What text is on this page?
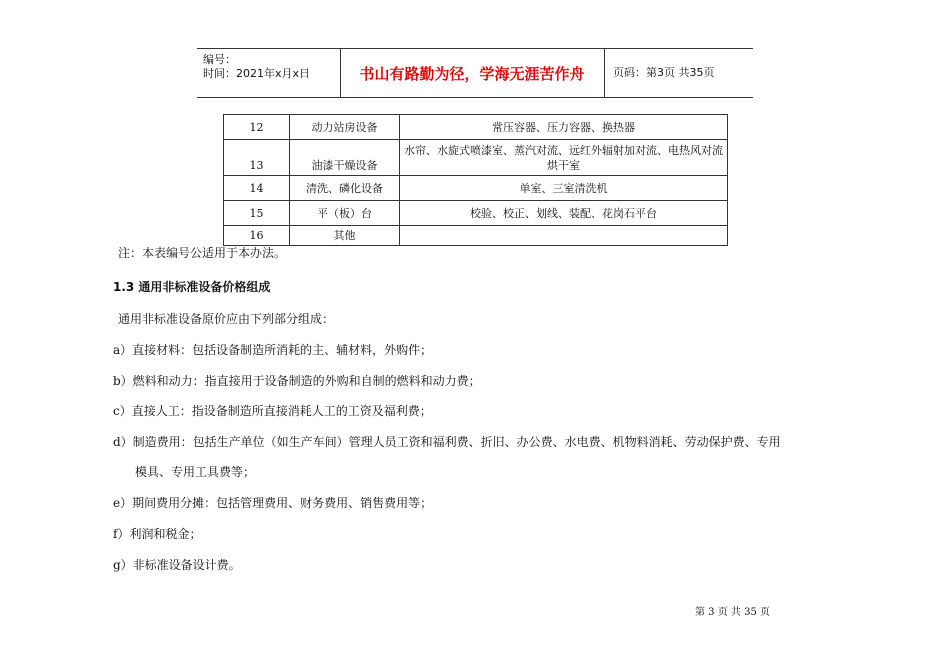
编号：
时间：2021年x月x日	书山有路勤为径，学海无涯苦作舟	页码：第3页 共35页
12	动力站房设备	常压容器、压力容器、换热器
13	油漆干燥设备	水帘、水旋式喷漆室、蒸汽对流、远红外辐射加对流、电热风对流烘干室
14	清洗、磷化设备	单室、三室清洗机
15	平（板）台	校验、校正、划线、装配、花岗石平台
16	其他	
注：本表编号公适用于本办法。
1.3 通用非标准设备价格组成
通用非标准设备原价应由下列部分组成：
a）直接材料：包括设备制造所消耗的主、辅材料，外购件；
b）燃料和动力：指直接用于设备制造的外购和自制的燃料和动力费；
c）直接人工：指设备制造所直接消耗人工的工资及福利费；
d）制造费用：包括生产单位（如生产车间）管理人员工资和福利费、折旧、办公费、水电费、机物料消耗、劳动保护费、专用
模具、专用工具费等；
e）期间费用分摊：包括管理费用、财务费用、销售费用等；
f）利润和税金；
g）非标准设备设计费。
第 3 页 共 35 页
